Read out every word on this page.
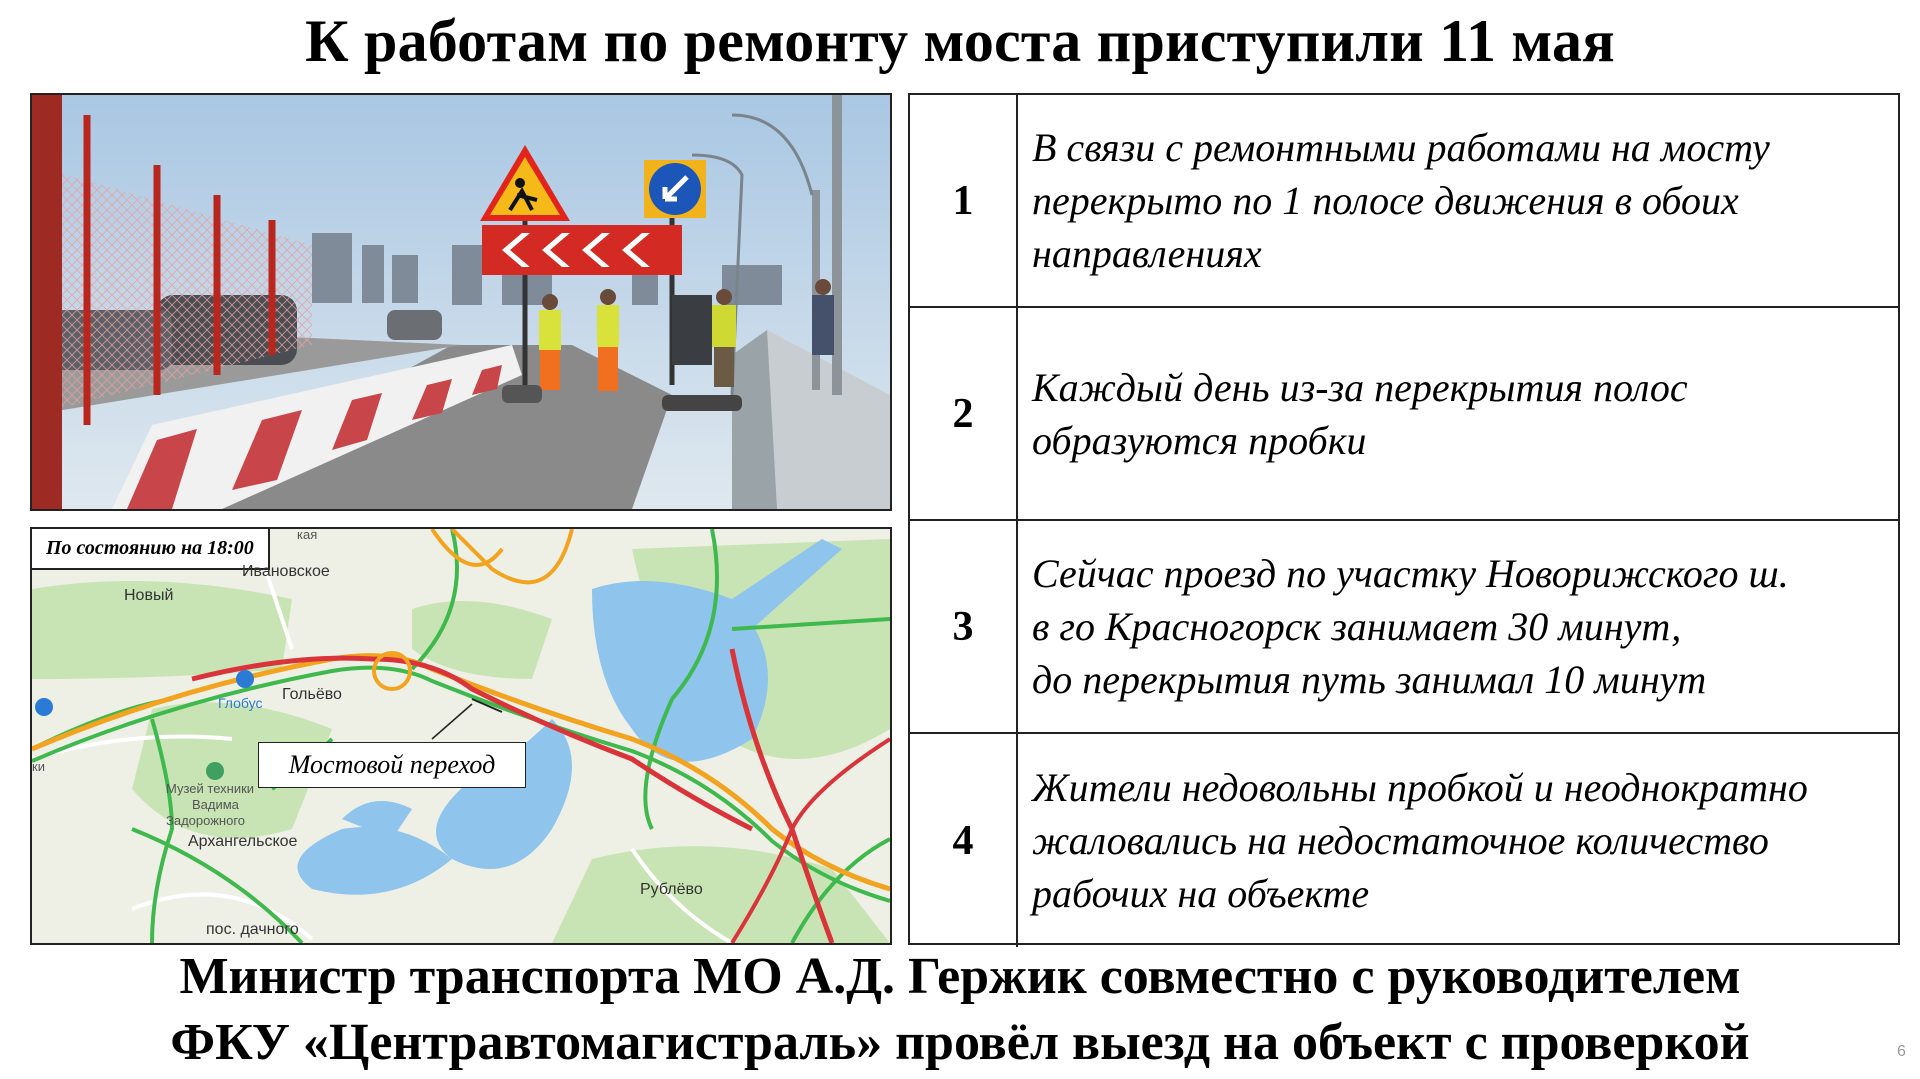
К работам по ремонту моста приступили 11 мая
По состоянию на 18:00
Мостовой переход
кая
Ивановское
Новый
Гольёво
Глобус
ки
Музей техники
Вадима
Задорожного
Архангельское
Рублёво
пос. дачного
1
В связи с ремонтными работами на мосту
перекрыто по 1 полосе движения в обоих
направлениях
2
Каждый день из-за перекрытия полос
образуются пробки
3
Сейчас проезд по участку Новорижского ш.
в го Красногорск занимает 30 минут,
до перекрытия путь занимал 10 минут
4
Жители недовольны пробкой и неоднократно
жаловались на недостаточное количество
рабочих на объекте
Министр транспорта МО А.Д. Гержик совместно с руководителем
ФКУ «Центравтомагистраль» провёл выезд на объект с проверкой	6
